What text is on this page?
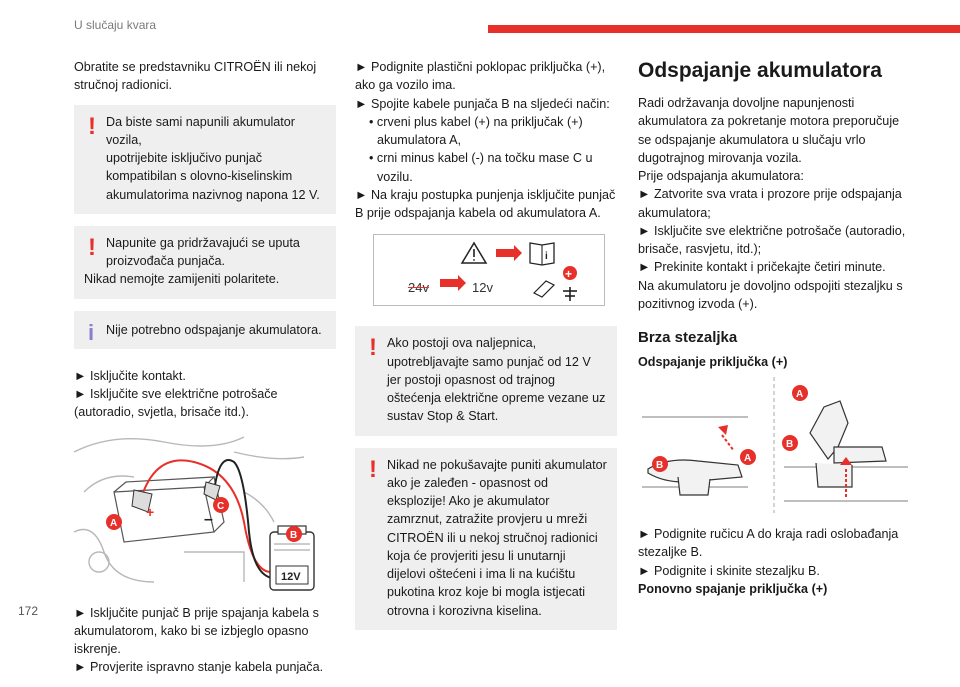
U slučaju kvara
Obratite se predstavniku CITROËN ili nekoj stručnoj radionici.
! Da biste sami napunili akumulator vozila,

upotrijebite isključivo punjač kompatibilan s olovno-kiselinskim akumulatorima nazivnog napona 12 V.

! Napunite ga pridržavajući se uputa

proizvođača punjača.

Nikad nemojte zamijeniti polaritete.

i Nije potrebno odspajanje akumulatora.

► Isključite kontakt.

► Isključite sve električne potrošače (autoradio, svjetla, brisače itd.).

+	–
A
C
12V
B

► Isključite punjač B prije spajanja kabela s akumulatorom, kako bi se izbjeglo opasno iskrenje.

► Provjerite ispravno stanje kabela punjača.

► Podignite plastični poklopac priključka (+), ako ga vozilo ima.

► Spojite kabele punjača B na sljedeći način:

• crveni plus kabel (+) na priključak (+) akumulatora A,

• crni minus kabel (-) na točku mase C u vozilu.

► Na kraju postupka punjenja isključite punjač B prije odspajanja kabela od akumulatora A.

i
+
24v	12v
! Ako postoji ova naljepnica,

upotrebljavajte samo punjač od 12 V jer postoji opasnost od trajnog oštećenja električne opreme vezane uz sustav Stop & Start.

! Nikad ne pokušavajte puniti akumulator

ako je zaleđen - opasnost od eksplozije! Ako je akumulator zamrznut, zatražite provjeru u mreži CITROËN ili u nekoj stručnoj radionici koja će provjeriti jesu li unutarnji dijelovi oštećeni i ima li na kućištu pukotina kroz koje bi mogla istjecati otrovna i korozivna kiselina.

Odspajanje akumulatora

Radi održavanja dovoljne napunjenosti akumulatora za pokretanje motora preporučuje se odspajanje akumulatora u slučaju vrlo dugotrajnog mirovanja vozila.

Prije odspajanja akumulatora:

► Zatvorite sva vrata i prozore prije odspajanja akumulatora;

► Isključite sve električne potrošače (autoradio, brisače, rasvjetu, itd.);

► Prekinite kontakt i pričekajte četiri minute.

Na akumulatoru je dovoljno odspojiti stezaljku s pozitivnog izvoda (+).

Brza stezaljka

Odspajanje priključka (+)

A
A
B
B

► Podignite ručicu A do kraja radi oslobađanja stezaljke B.

► Podignite i skinite stezaljku B.

Ponovno spajanje priključka (+)

172
